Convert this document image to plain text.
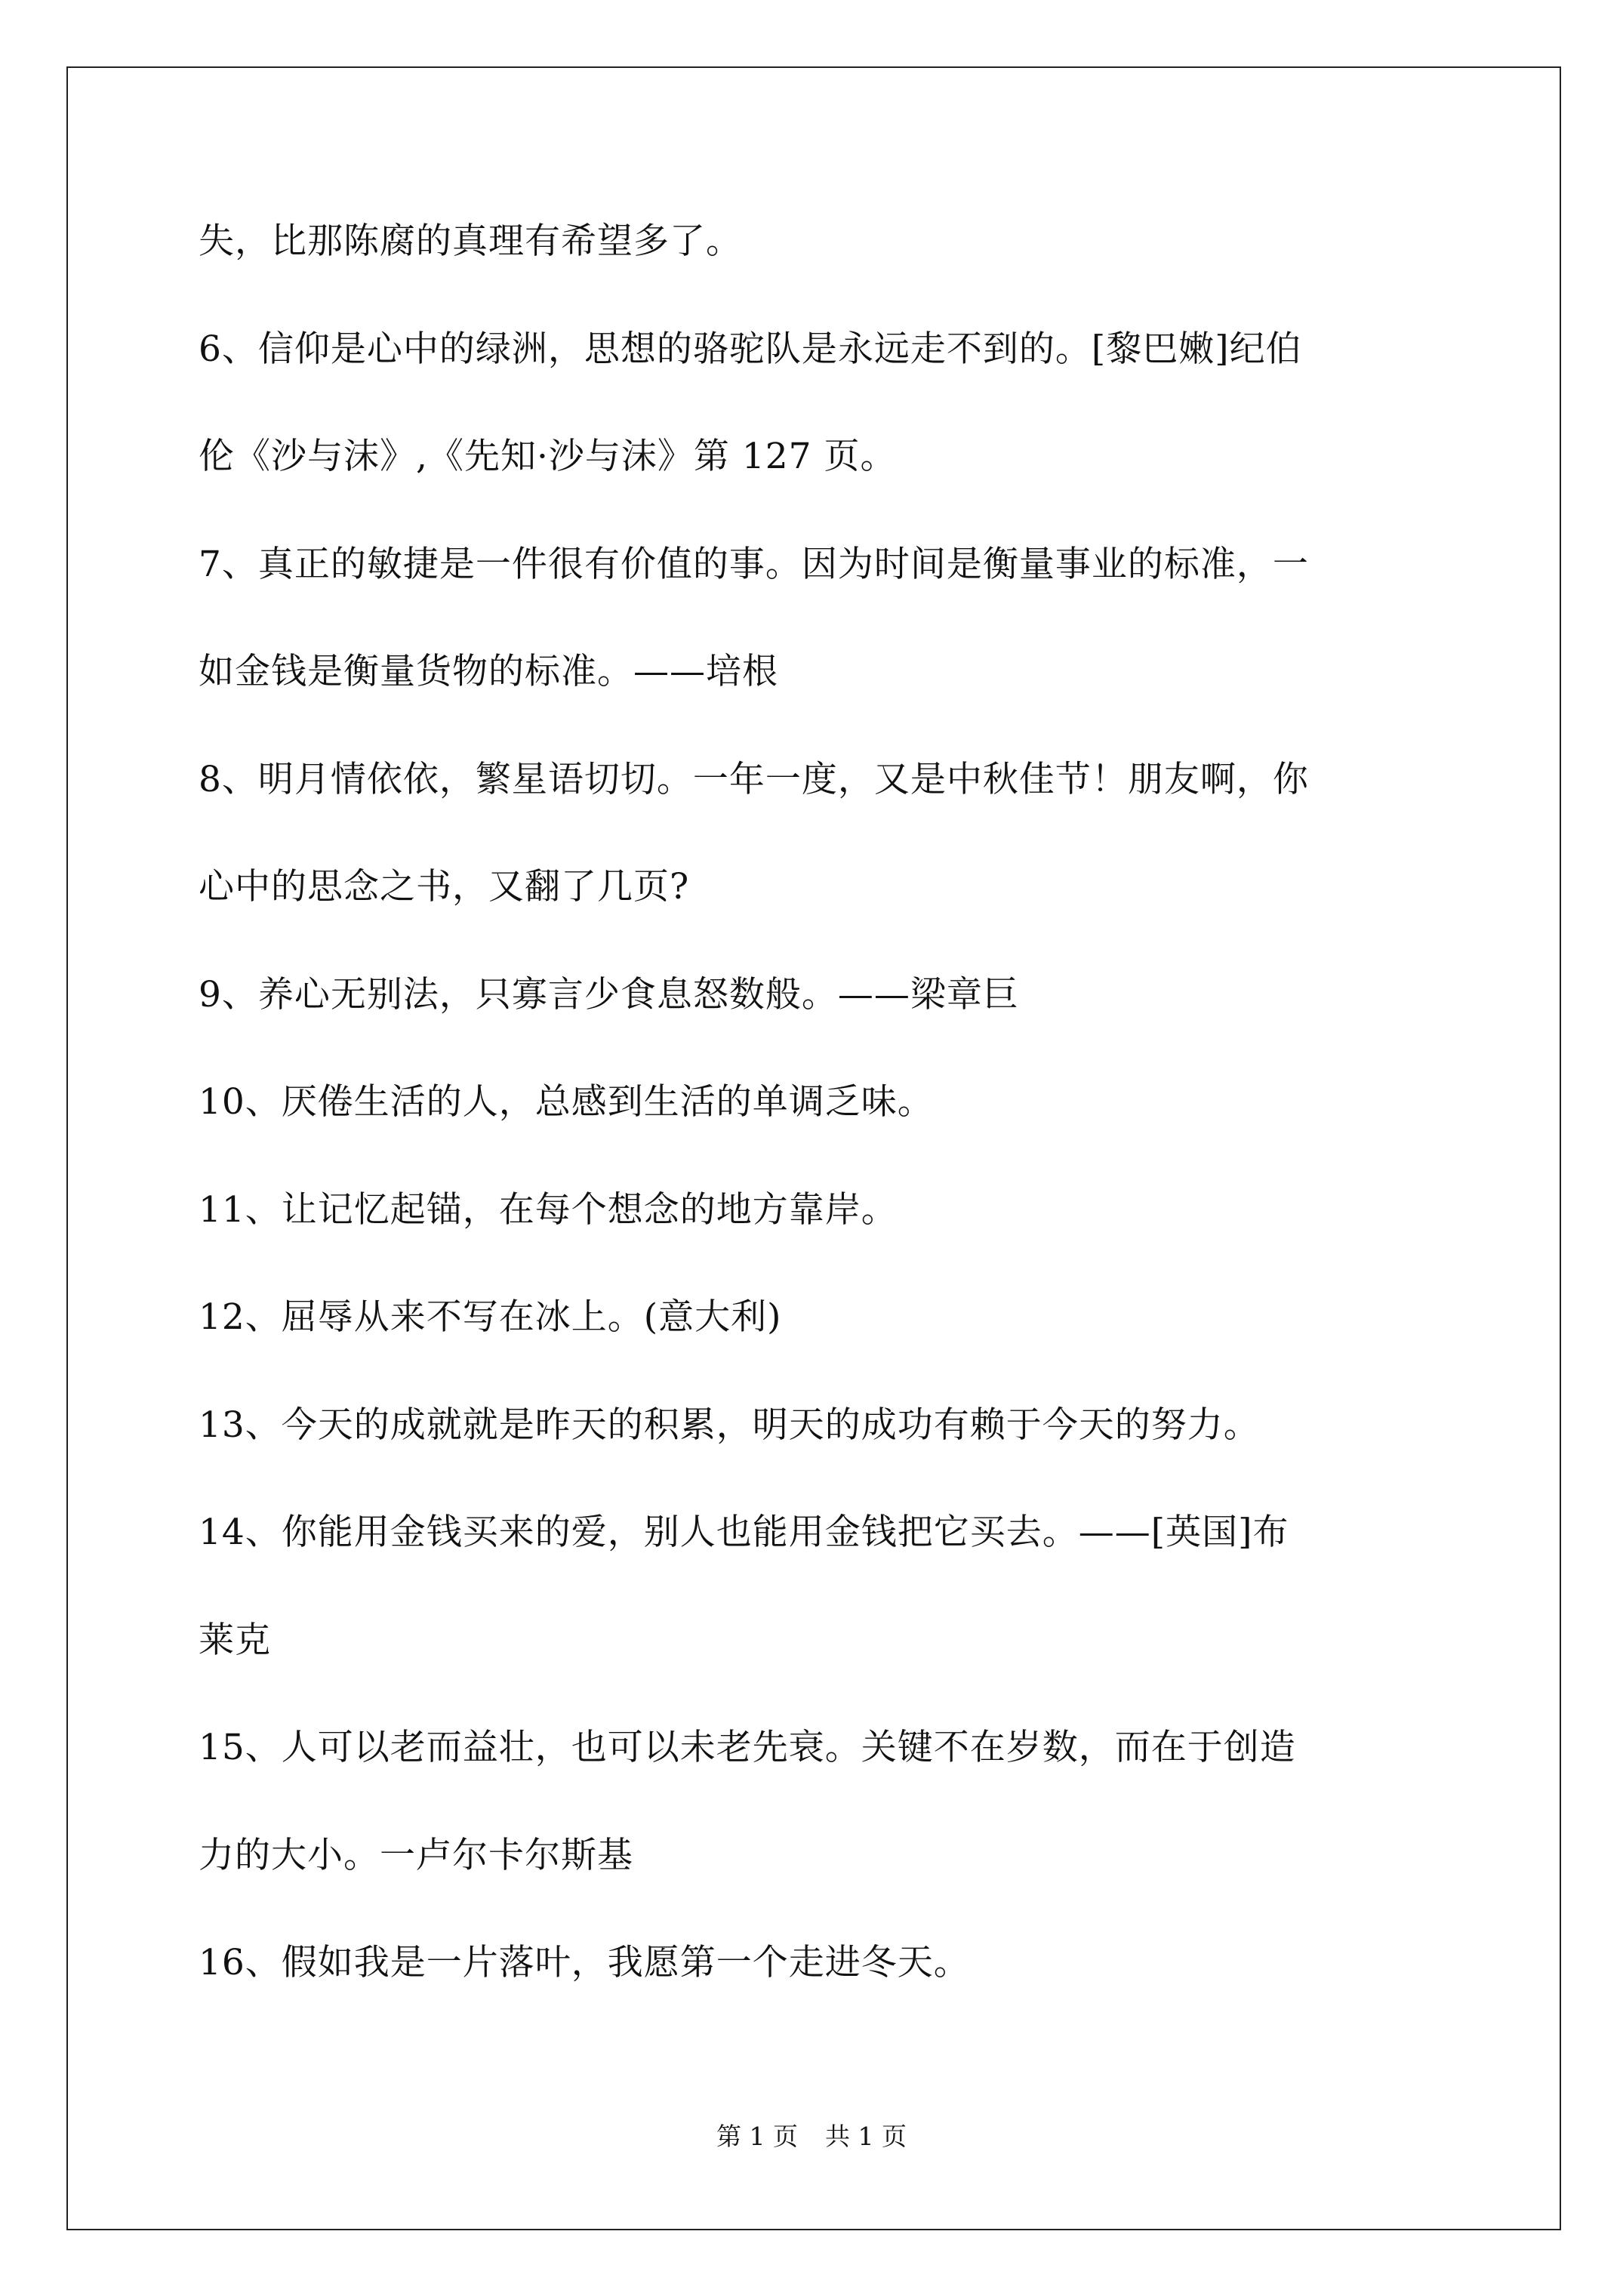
失，比那陈腐的真理有希望多了。
6、信仰是心中的绿洲，思想的骆驼队是永远走不到的。[黎巴嫩]纪伯
伦《沙与沫》,《先知·沙与沫》第 127 页。
7、真正的敏捷是一件很有价值的事。因为时间是衡量事业的标准，一
如金钱是衡量货物的标准。——培根
8、明月情依依，繁星语切切。一年一度，又是中秋佳节！朋友啊，你
心中的思念之书，又翻了几页?
9、养心无别法，只寡言少食息怒数般。——梁章巨
10、厌倦生活的人，总感到生活的单调乏味。
11、让记忆起锚，在每个想念的地方靠岸。
12、屈辱从来不写在冰上。(意大利)
13、今天的成就就是昨天的积累，明天的成功有赖于今天的努力。
14、你能用金钱买来的爱，别人也能用金钱把它买去。——[英国]布
莱克
15、人可以老而益壮，也可以未老先衰。关键不在岁数，而在于创造
力的大小。一卢尔卡尔斯基
16、假如我是一片落叶，我愿第一个走进冬天。
第 1 页 共 1 页
